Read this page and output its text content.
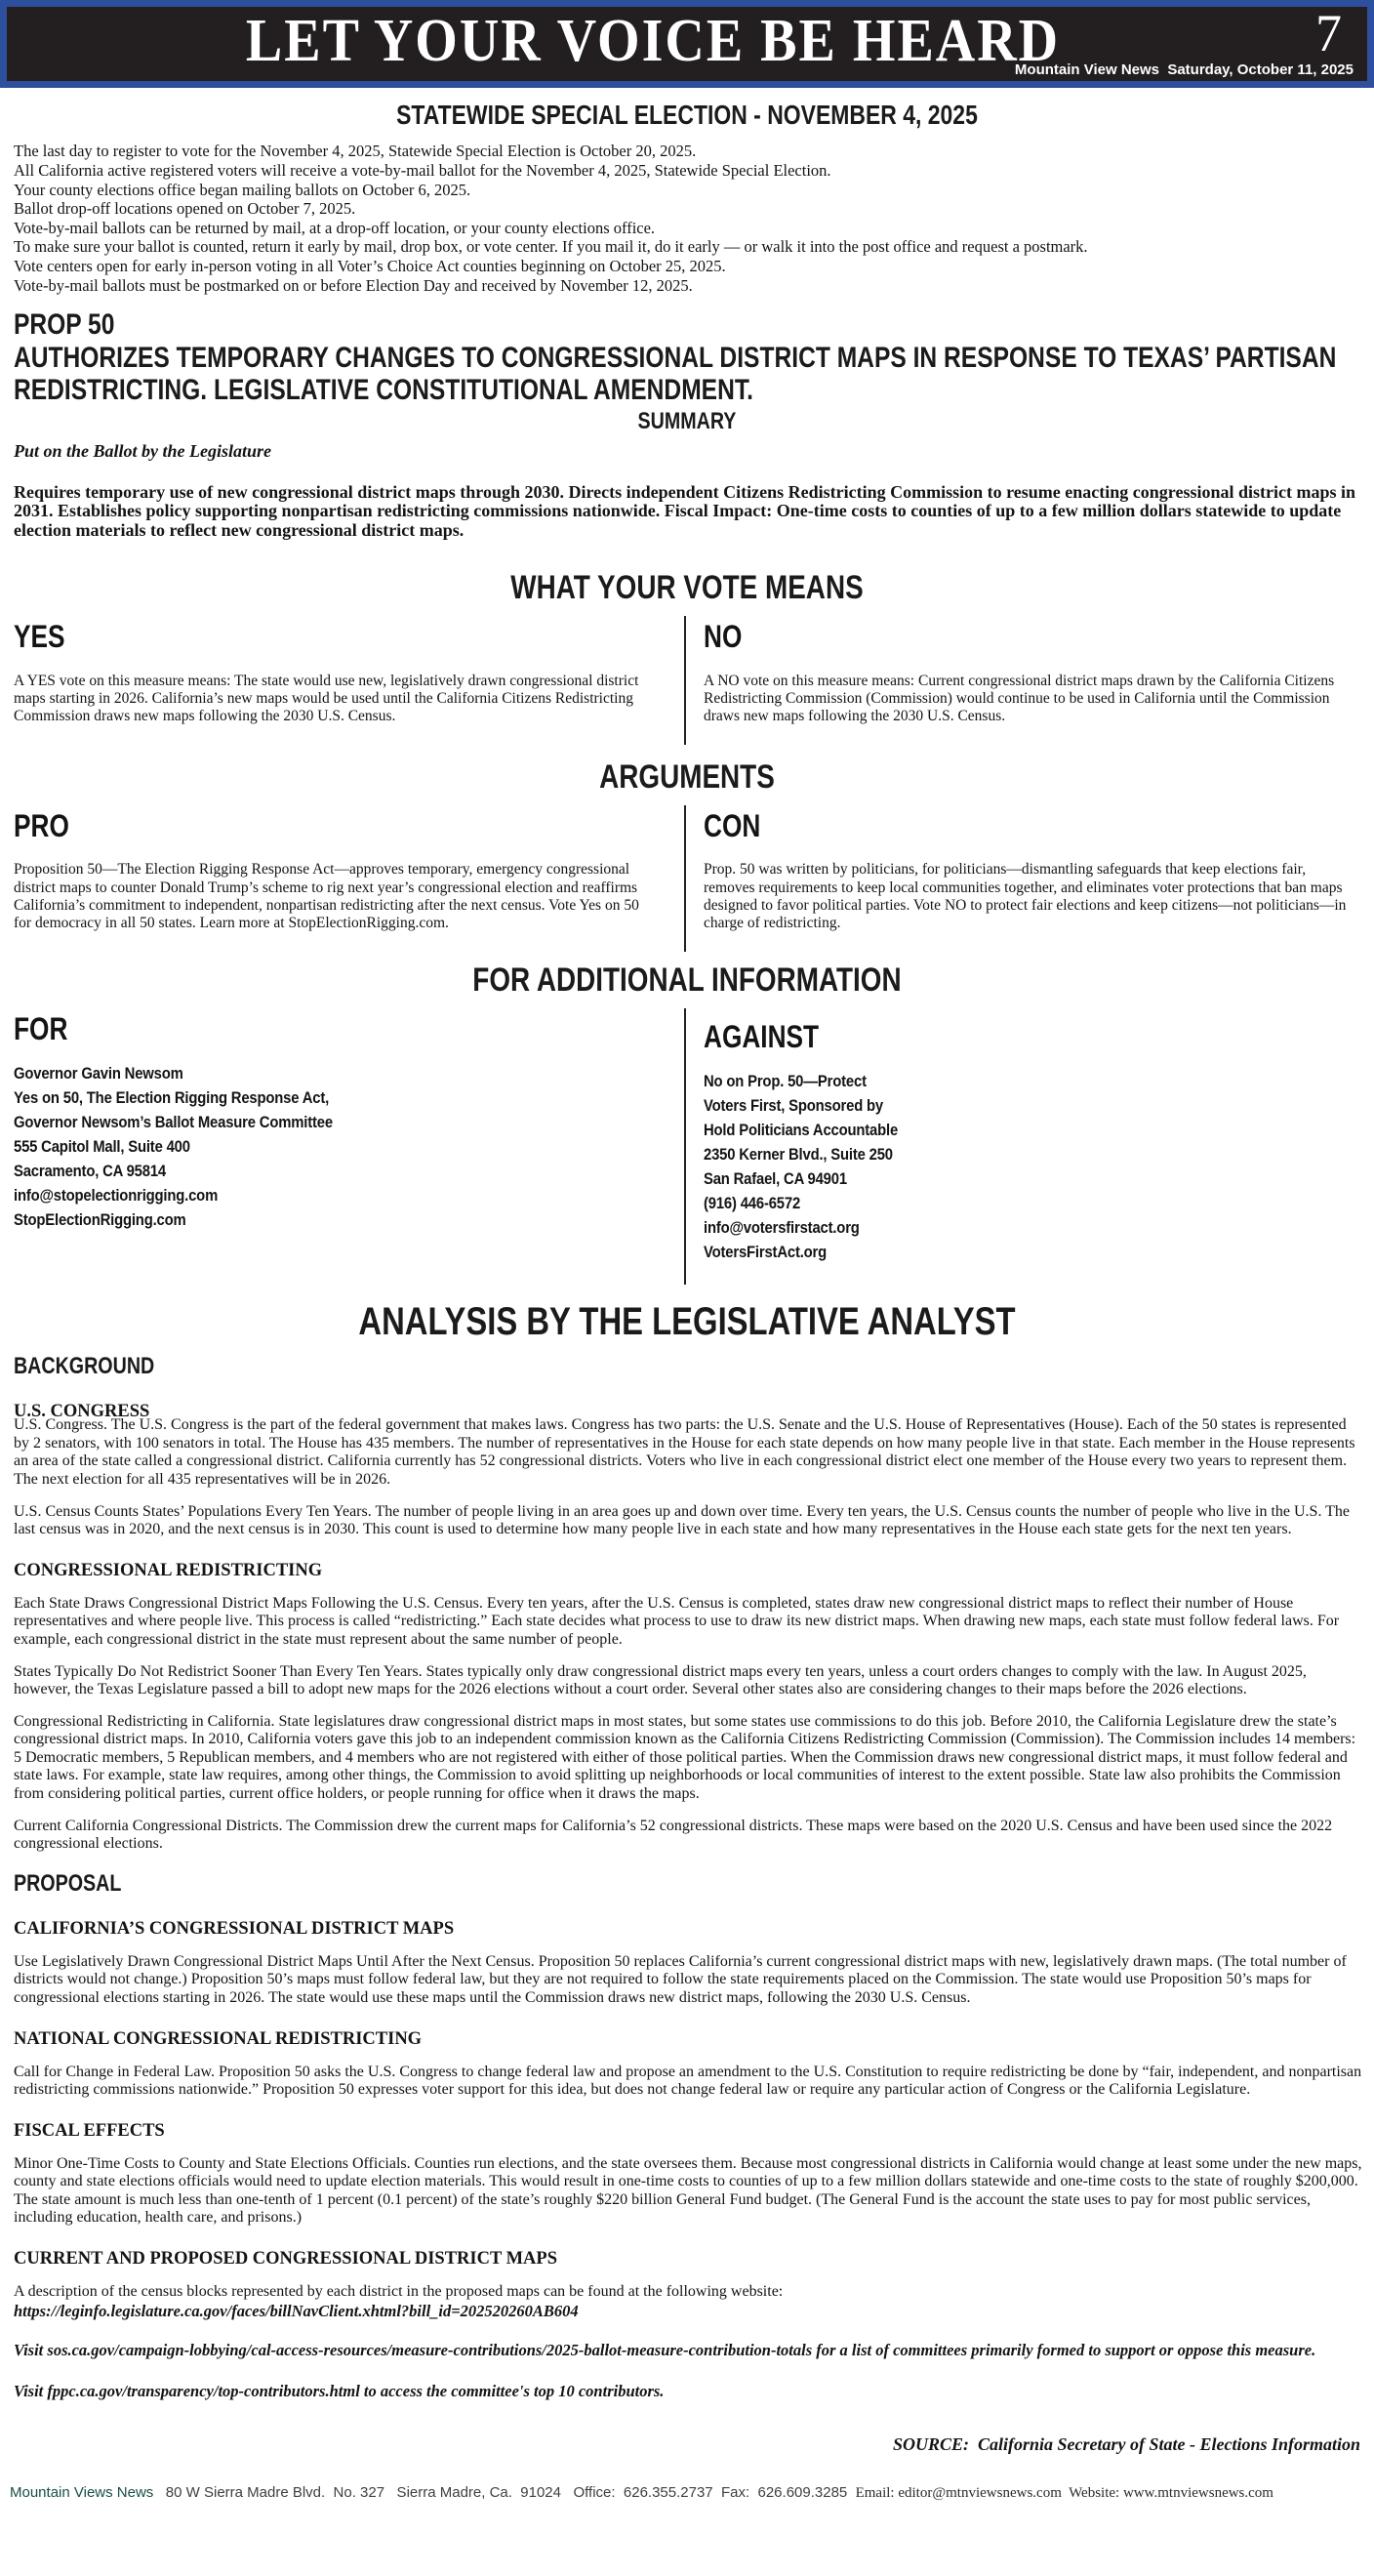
LET YOUR VOICE BE HEARD	7
Mountain View News  Saturday, October 11, 2025
STATEWIDE SPECIAL ELECTION - NOVEMBER 4, 2025
The last day to register to vote for the November 4, 2025, Statewide Special Election is October 20, 2025.
All California active registered voters will receive a vote-by-mail ballot for the November 4, 2025, Statewide Special Election.
Your county elections office began mailing ballots on October 6, 2025.
Ballot drop-off locations opened on October 7, 2025.
Vote-by-mail ballots can be returned by mail, at a drop-off location, or your county elections office.
To make sure your ballot is counted, return it early by mail, drop box, or vote center. If you mail it, do it early — or walk it into the post office and request a postmark.
Vote centers open for early in-person voting in all Voter’s Choice Act counties beginning on October 25, 2025.
Vote-by-mail ballots must be postmarked on or before Election Day and received by November 12, 2025.
PROP 50
AUTHORIZES TEMPORARY CHANGES TO CONGRESSIONAL DISTRICT MAPS IN RESPONSE TO TEXAS’ PARTISAN REDISTRICTING. LEGISLATIVE CONSTITUTIONAL AMENDMENT.
SUMMARY
Put on the Ballot by the Legislature
Requires temporary use of new congressional district maps through 2030. Directs independent Citizens Redistricting Commission to resume enacting congressional district maps in 2031. Establishes policy supporting nonpartisan redistricting commissions nationwide. Fiscal Impact: One-time costs to counties of up to a few million dollars statewide to update election materials to reflect new congressional district maps.
WHAT YOUR VOTE MEANS
YES
A YES vote on this measure means: The state would use new, legislatively drawn congressional district maps starting in 2026. California’s new maps would be used until the California Citizens Redistricting Commission draws new maps following the 2030 U.S. Census.
NO
A NO vote on this measure means: Current congressional district maps drawn by the California Citizens Redistricting Commission (Commission) would continue to be used in California until the Commission draws new maps following the 2030 U.S. Census.
ARGUMENTS
PRO
Proposition 50—The Election Rigging Response Act—approves temporary, emergency congressional district maps to counter Donald Trump’s scheme to rig next year’s congressional election and reaffirms California’s commitment to independent, nonpartisan redistricting after the next census. Vote Yes on 50 for democracy in all 50 states. Learn more at StopElectionRigging.com.
CON
Prop. 50 was written by politicians, for politicians—dismantling safeguards that keep elections fair, removes requirements to keep local communities together, and eliminates voter protections that ban maps designed to favor political parties. Vote NO to protect fair elections and keep citizens—not politicians—in charge of redistricting.
FOR ADDITIONAL INFORMATION
FOR
Governor Gavin Newsom
Yes on 50, The Election Rigging Response Act,
Governor Newsom’s Ballot Measure Committee
555 Capitol Mall, Suite 400
Sacramento, CA 95814
info@stopelectionrigging.com
StopElectionRigging.com
AGAINST
No on Prop. 50—Protect
Voters First, Sponsored by
Hold Politicians Accountable
2350 Kerner Blvd., Suite 250
San Rafael, CA 94901
(916) 446-6572
info@votersfirstact.org
VotersFirstAct.org
ANALYSIS BY THE LEGISLATIVE ANALYST
BACKGROUND
U.S. CONGRESS
U.S. Congress. The U.S. Congress is the part of the federal government that makes laws. Congress has two parts: the U.S. Senate and the U.S. House of Representatives (House). Each of the 50 states is represented by 2 senators, with 100 senators in total. The House has 435 members. The number of representatives in the House for each state depends on how many people live in that state. Each member in the House represents an area of the state called a congressional district. California currently has 52 congressional districts. Voters who live in each congressional district elect one member of the House every two years to represent them. The next election for all 435 representatives will be in 2026.
U.S. Census Counts States’ Populations Every Ten Years. The number of people living in an area goes up and down over time. Every ten years, the U.S. Census counts the number of people who live in the U.S. The last census was in 2020, and the next census is in 2030. This count is used to determine how many people live in each state and how many representatives in the House each state gets for the next ten years.
CONGRESSIONAL REDISTRICTING
Each State Draws Congressional District Maps Following the U.S. Census. Every ten years, after the U.S. Census is completed, states draw new congressional district maps to reflect their number of House representatives and where people live. This process is called “redistricting.” Each state decides what process to use to draw its new district maps. When drawing new maps, each state must follow federal laws. For example, each congressional district in the state must represent about the same number of people.
States Typically Do Not Redistrict Sooner Than Every Ten Years. States typically only draw congressional district maps every ten years, unless a court orders changes to comply with the law. In August 2025, however, the Texas Legislature passed a bill to adopt new maps for the 2026 elections without a court order. Several other states also are considering changes to their maps before the 2026 elections.
Congressional Redistricting in California. State legislatures draw congressional district maps in most states, but some states use commissions to do this job. Before 2010, the California Legislature drew the state’s congressional district maps. In 2010, California voters gave this job to an independent commission known as the California Citizens Redistricting Commission (Commission). The Commission includes 14 members: 5 Democratic members, 5 Republican members, and 4 members who are not registered with either of those political parties. When the Commission draws new congressional district maps, it must follow federal and state laws. For example, state law requires, among other things, the Commission to avoid splitting up neighborhoods or local communities of interest to the extent possible. State law also prohibits the Commission from considering political parties, current office holders, or people running for office when it draws the maps.
Current California Congressional Districts. The Commission drew the current maps for California’s 52 congressional districts. These maps were based on the 2020 U.S. Census and have been used since the 2022 congressional elections.
PROPOSAL
CALIFORNIA’S CONGRESSIONAL DISTRICT MAPS
Use Legislatively Drawn Congressional District Maps Until After the Next Census. Proposition 50 replaces California’s current congressional district maps with new, legislatively drawn maps. (The total number of districts would not change.) Proposition 50’s maps must follow federal law, but they are not required to follow the state requirements placed on the Commission. The state would use Proposition 50’s maps for congressional elections starting in 2026. The state would use these maps until the Commission draws new district maps, following the 2030 U.S. Census.
NATIONAL CONGRESSIONAL REDISTRICTING
Call for Change in Federal Law. Proposition 50 asks the U.S. Congress to change federal law and propose an amendment to the U.S. Constitution to require redistricting be done by “fair, independent, and nonpartisan redistricting commissions nationwide.” Proposition 50 expresses voter support for this idea, but does not change federal law or require any particular action of Congress or the California Legislature.
FISCAL EFFECTS
Minor One-Time Costs to County and State Elections Officials. Counties run elections, and the state oversees them. Because most congressional districts in California would change at least some under the new maps, county and state elections officials would need to update election materials. This would result in one-time costs to counties of up to a few million dollars statewide and one-time costs to the state of roughly $200,000. The state amount is much less than one-tenth of 1 percent (0.1 percent) of the state’s roughly $220 billion General Fund budget. (The General Fund is the account the state uses to pay for most public services, including education, health care, and prisons.)
CURRENT AND PROPOSED CONGRESSIONAL DISTRICT MAPS
A description of the census blocks represented by each district in the proposed maps can be found at the following website:
https://leginfo.legislature.ca.gov/faces/billNavClient.xhtml?bill_id=202520260AB604
Visit sos.ca.gov/campaign-lobbying/cal-access-resources/measure-contributions/2025-ballot-measure-contribution-totals for a list of committees primarily formed to support or oppose this measure.
Visit fppc.ca.gov/transparency/top-contributors.html to access the committee's top 10 contributors.
SOURCE:  California Secretary of State - Elections Information
Mountain Views News   80 W Sierra Madre Blvd.  No. 327   Sierra Madre, Ca.  91024   Office:  626.355.2737  Fax:  626.609.3285  Email: editor@mtnviewsnews.com  Website: www.mtnviewsnews.com
